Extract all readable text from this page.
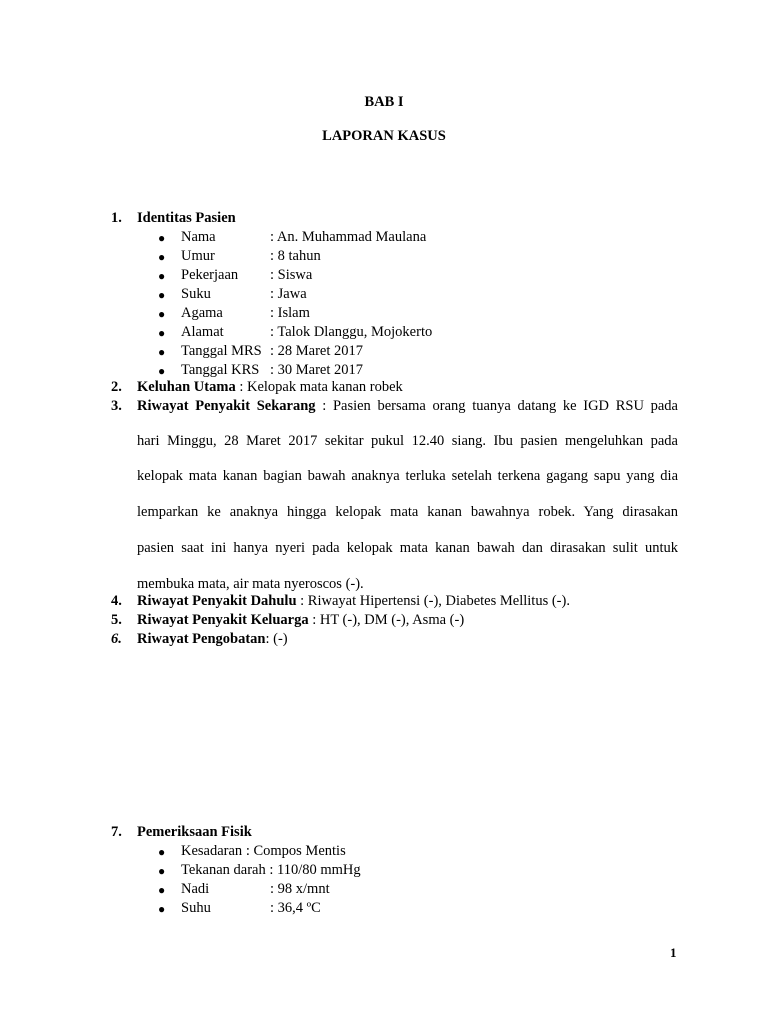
BAB I
LAPORAN KASUS
1. Identitas Pasien
● Nama	: An. Muhammad Maulana
● Umur	: 8 tahun
● Pekerjaan : Siswa
● Suku	: Jawa
● Agama	: Islam
● Alamat	: Talok Dlanggu, Mojokerto
● Tanggal MRS : 28 Maret 2017
● Tanggal KRS : 30 Maret 2017
2. Keluhan Utama : Kelopak mata kanan robek
3. Riwayat Penyakit Sekarang : Pasien bersama orang tuanya datang ke IGD RSU pada
hari Minggu, 28 Maret 2017 sekitar pukul 12.40 siang. Ibu pasien mengeluhkan pada
kelopak mata kanan bagian bawah anaknya terluka setelah terkena gagang sapu yang dia
lemparkan ke anaknya hingga kelopak mata kanan bawahnya robek. Yang dirasakan
pasien saat ini hanya nyeri pada kelopak mata kanan bawah dan dirasakan sulit untuk
membuka mata, air mata nyeroscos (-).
4. Riwayat Penyakit Dahulu : Riwayat Hipertensi (-), Diabetes Mellitus (-).
5. Riwayat Penyakit Keluarga : HT (-), DM (-), Asma (-)
6. Riwayat Pengobatan: (-)
7. Pemeriksaan Fisik
● Kesadaran : Compos Mentis
● Tekanan darah : 110/80 mmHg
● Nadi	: 98 x/mnt
● Suhu	: 36,4 ºC
1
